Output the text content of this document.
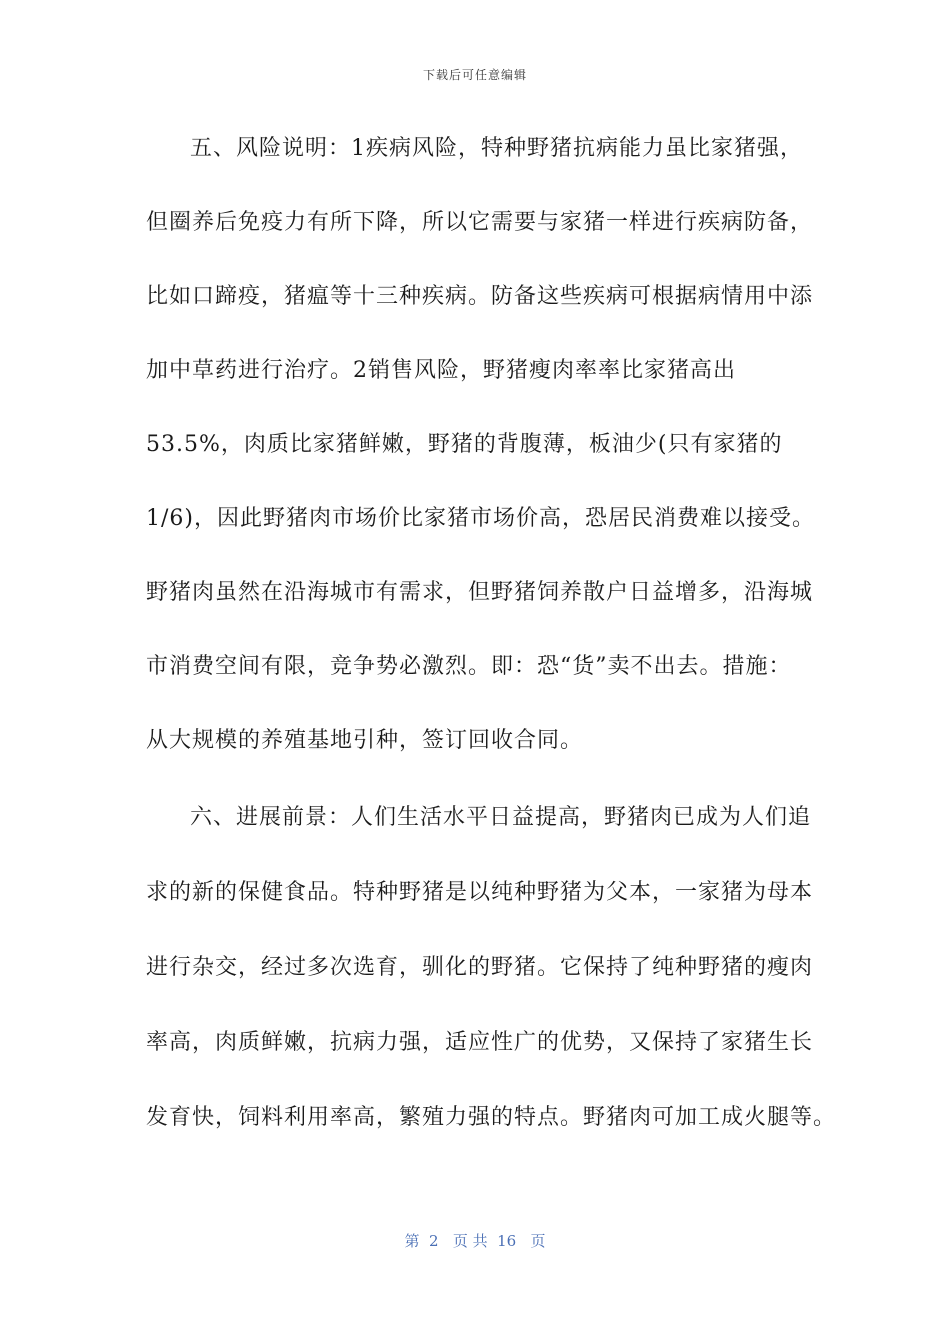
下载后可任意编辑
五、风险说明：1疾病风险，特种野猪抗病能力虽比家猪强，
但圈养后免疫力有所下降，所以它需要与家猪一样进行疾病防备，
比如口蹄疫，猪瘟等十三种疾病。防备这些疾病可根据病情用中添
加中草药进行治疗。2销售风险，野猪瘦肉率率比家猪高出
53.5%，肉质比家猪鲜嫩，野猪的背腹薄，板油少(只有家猪的
1/6)，因此野猪肉市场价比家猪市场价高，恐居民消费难以接受。
野猪肉虽然在沿海城市有需求，但野猪饲养散户日益增多，沿海城
市消费空间有限，竞争势必激烈。即：恐“货”卖不出去。措施：
从大规模的养殖基地引种，签订回收合同。
六、进展前景：人们生活水平日益提高，野猪肉已成为人们追
求的新的保健食品。特种野猪是以纯种野猪为父本，一家猪为母本
进行杂交，经过多次选育，驯化的野猪。它保持了纯种野猪的瘦肉
率高，肉质鲜嫩，抗病力强，适应性广的优势，又保持了家猪生长
发育快，饲料利用率高，繁殖力强的特点。野猪肉可加工成火腿等。
第  2   页 共  16   页
